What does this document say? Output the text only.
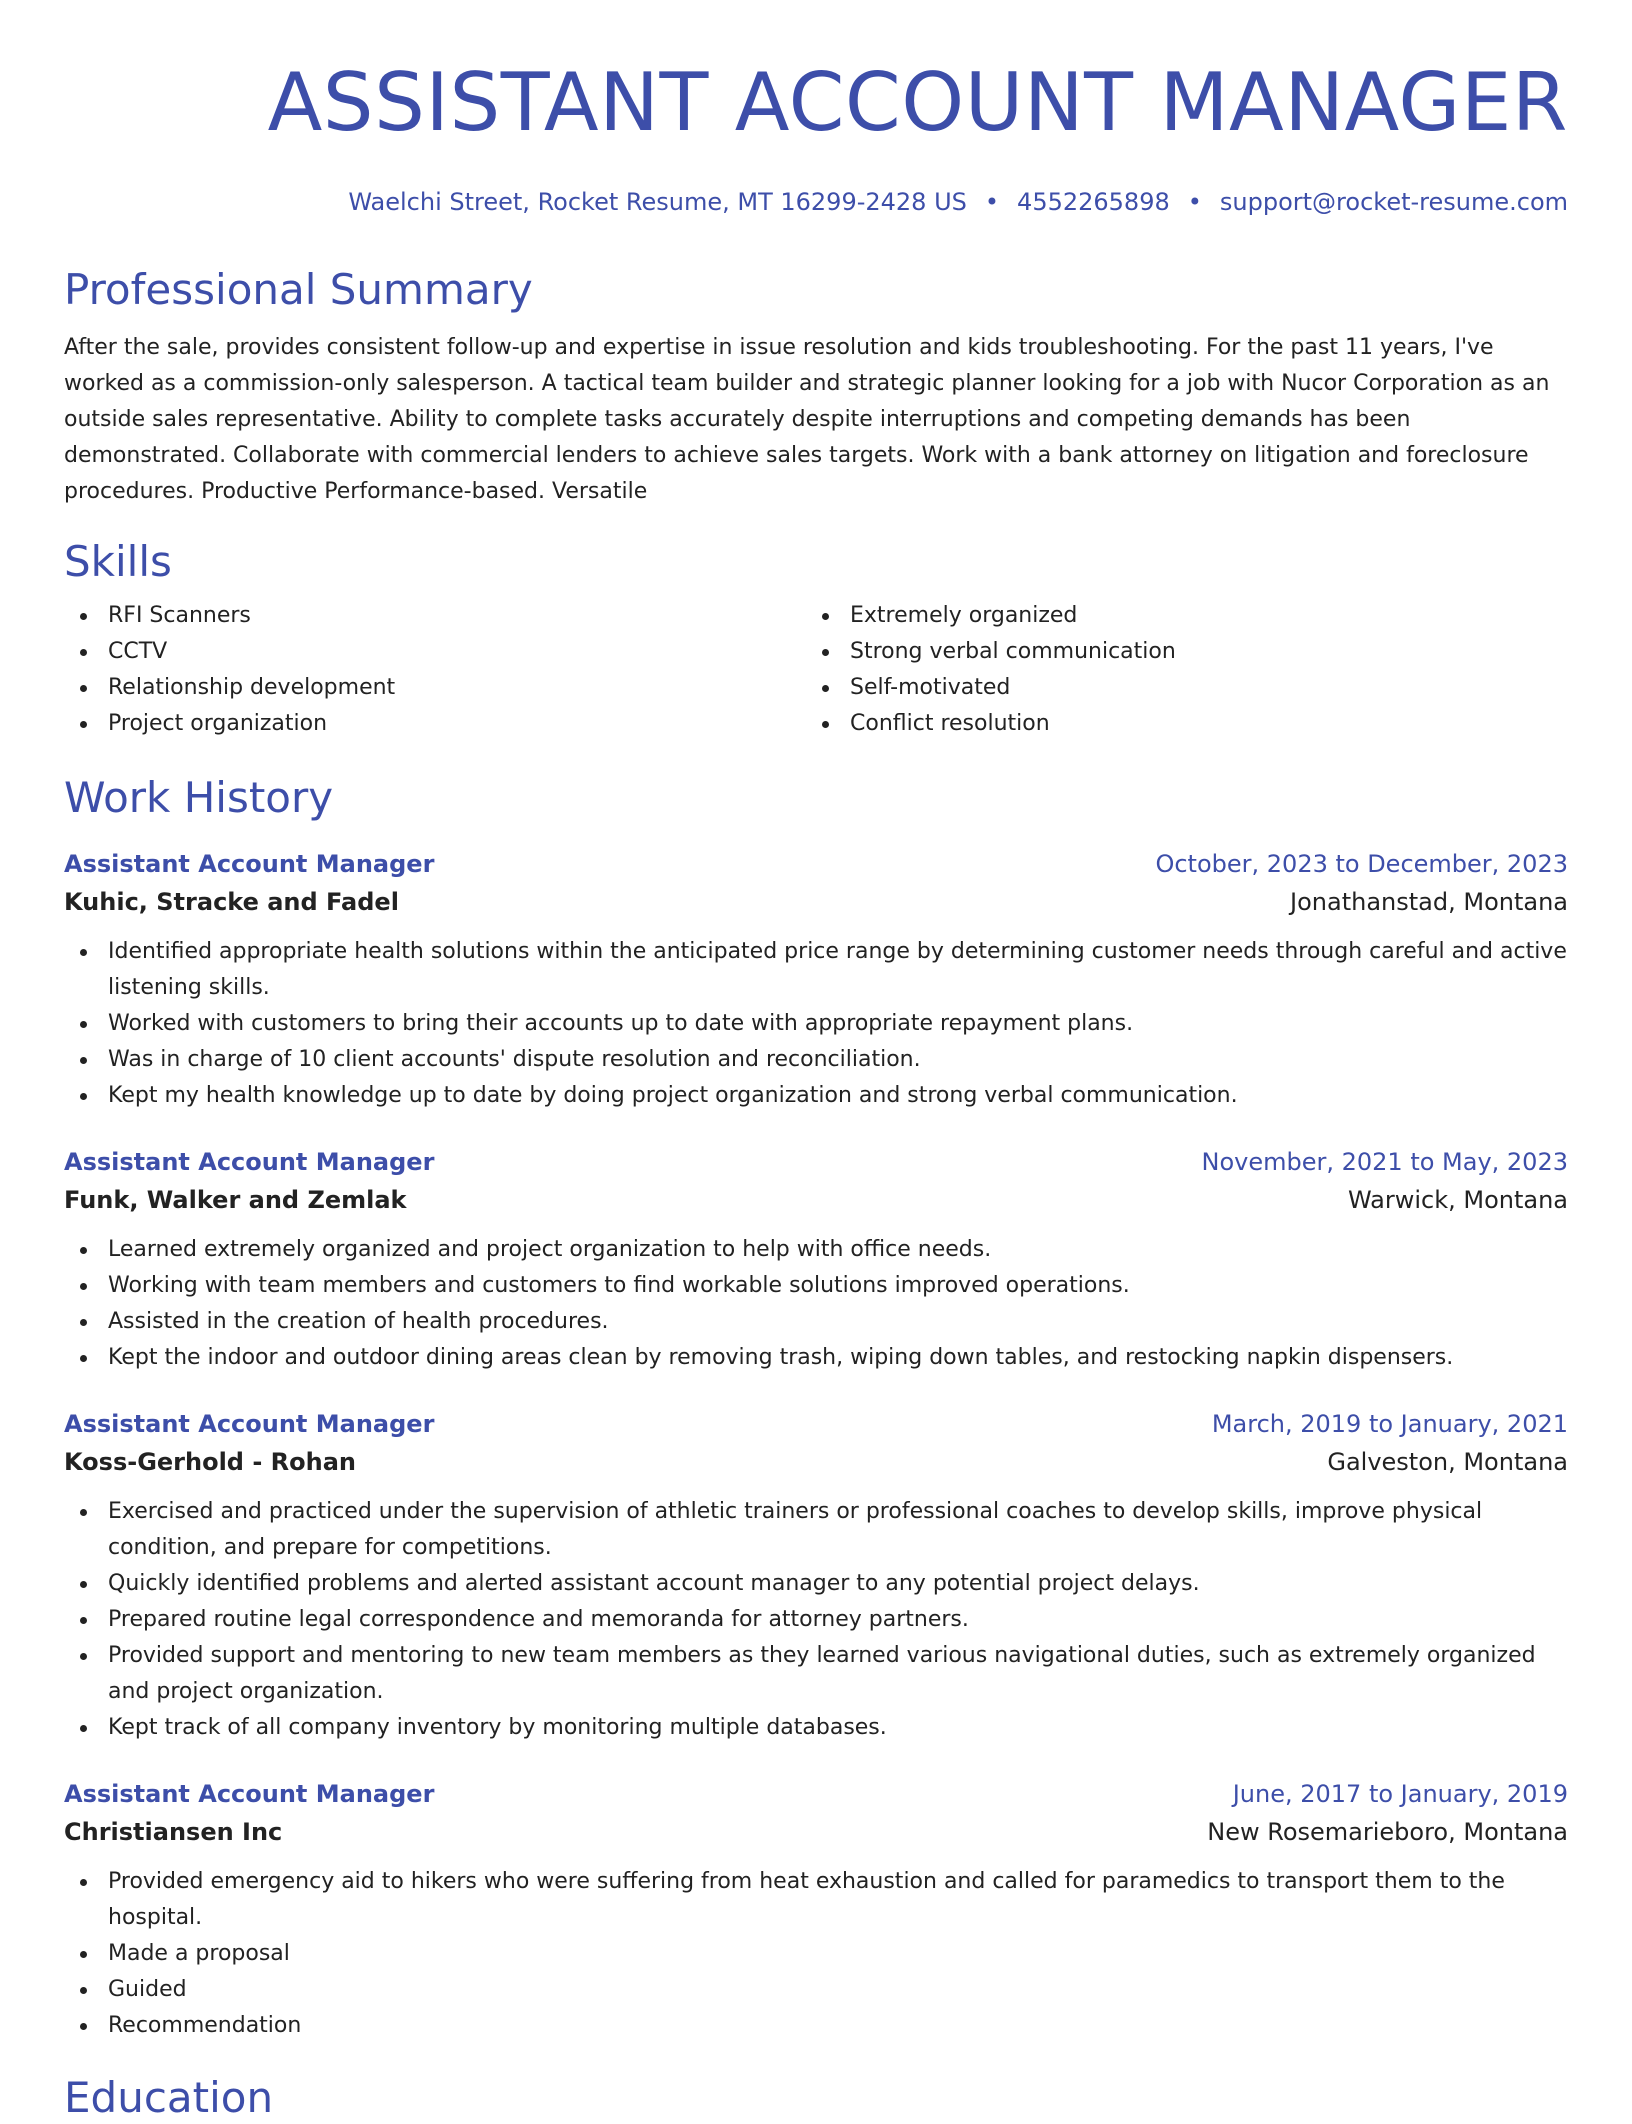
ASSISTANT ACCOUNT MANAGER
Waelchi Street, Rocket Resume, MT 16299-2428 US • 4552265898 • support@rocket-resume.com
Professional Summary
After the sale, provides consistent follow-up and expertise in issue resolution and kids troubleshooting. For the past 11 years, I've worked as a commission-only salesperson. A tactical team builder and strategic planner looking for a job with Nucor Corporation as an outside sales representative. Ability to complete tasks accurately despite interruptions and competing demands has been demonstrated. Collaborate with commercial lenders to achieve sales targets. Work with a bank attorney on litigation and foreclosure procedures. Productive Performance-based. Versatile
Skills
RFI Scanners
CCTV
Relationship development
Project organization
Extremely organized
Strong verbal communication
Self-motivated
Conflict resolution
Work History
Assistant Account Manager	October, 2023 to December, 2023
Kuhic, Stracke and Fadel	Jonathanstad, Montana
Identified appropriate health solutions within the anticipated price range by determining customer needs through careful and active listening skills.
Worked with customers to bring their accounts up to date with appropriate repayment plans.
Was in charge of 10 client accounts' dispute resolution and reconciliation.
Kept my health knowledge up to date by doing project organization and strong verbal communication.
Assistant Account Manager	November, 2021 to May, 2023
Funk, Walker and Zemlak	Warwick, Montana
Learned extremely organized and project organization to help with office needs.
Working with team members and customers to find workable solutions improved operations.
Assisted in the creation of health procedures.
Kept the indoor and outdoor dining areas clean by removing trash, wiping down tables, and restocking napkin dispensers.
Assistant Account Manager	March, 2019 to January, 2021
Koss-Gerhold - Rohan	Galveston, Montana
Exercised and practiced under the supervision of athletic trainers or professional coaches to develop skills, improve physical condition, and prepare for competitions.
Quickly identified problems and alerted assistant account manager to any potential project delays.
Prepared routine legal correspondence and memoranda for attorney partners.
Provided support and mentoring to new team members as they learned various navigational duties, such as extremely organized and project organization.
Kept track of all company inventory by monitoring multiple databases.
Assistant Account Manager	June, 2017 to January, 2019
Christiansen Inc	New Rosemarieboro, Montana
Provided emergency aid to hikers who were suffering from heat exhaustion and called for paramedics to transport them to the hospital.
Made a proposal
Guided
Recommendation
Education
